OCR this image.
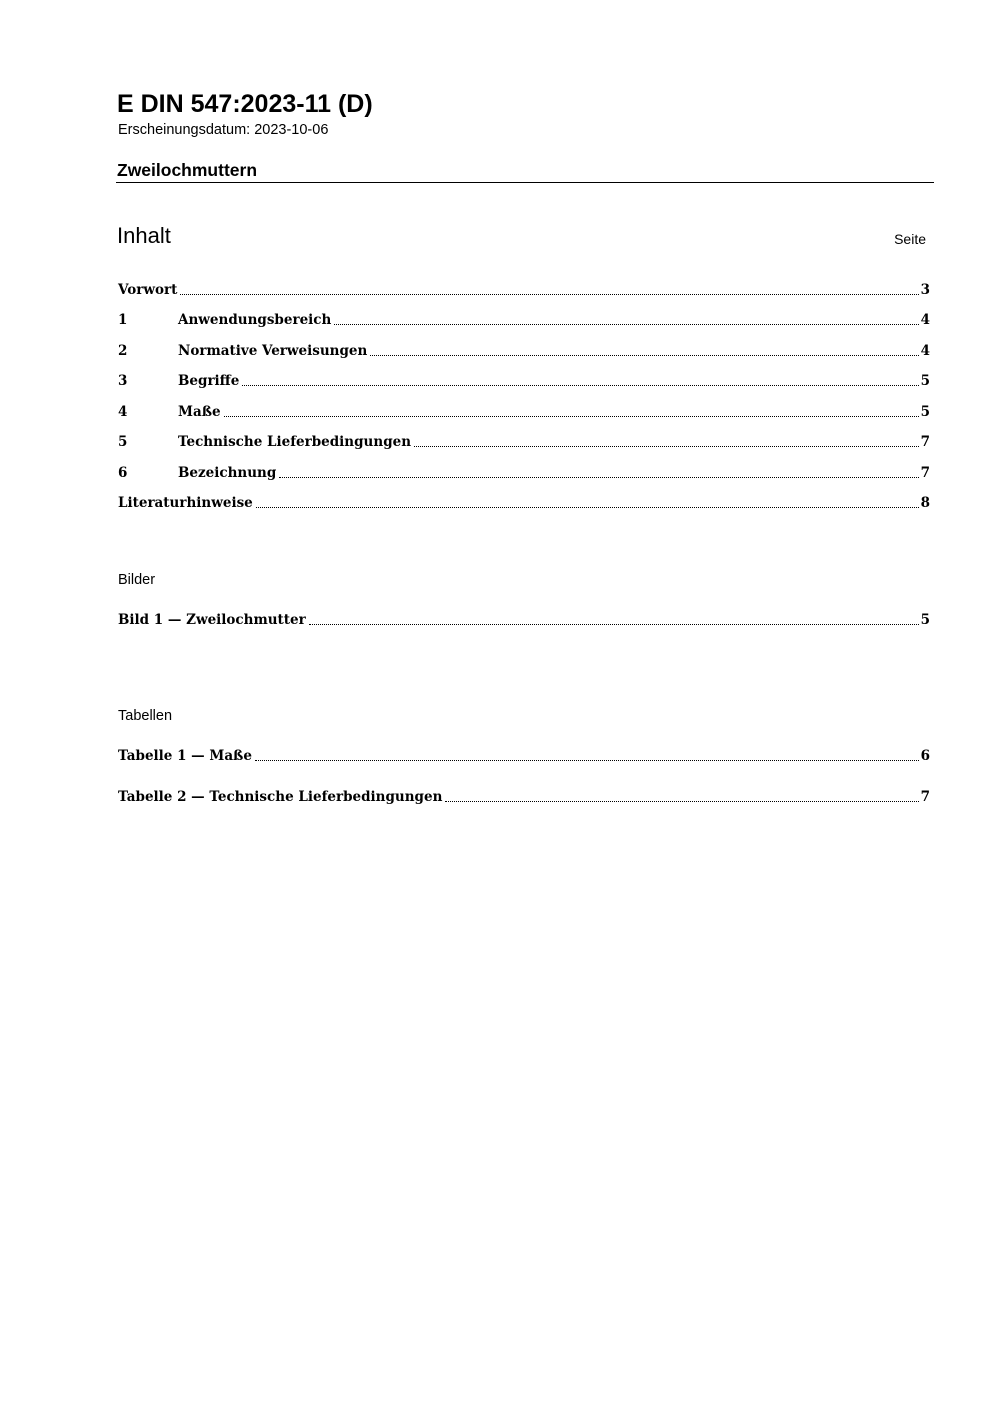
E DIN 547:2023-11 (D)
Erscheinungsdatum: 2023-10-06
Zweilochmuttern
Inhalt	Seite
Vorwort	3
1	Anwendungsbereich	4
2	Normative Verweisungen	4
3	Begriffe	5
4	Maße	5
5	Technische Lieferbedingungen	7
6	Bezeichnung	7
Literaturhinweise	8
Bilder
Bild 1 — Zweilochmutter	5
Tabellen
Tabelle 1 — Maße	6
Tabelle 2 — Technische Lieferbedingungen	7
